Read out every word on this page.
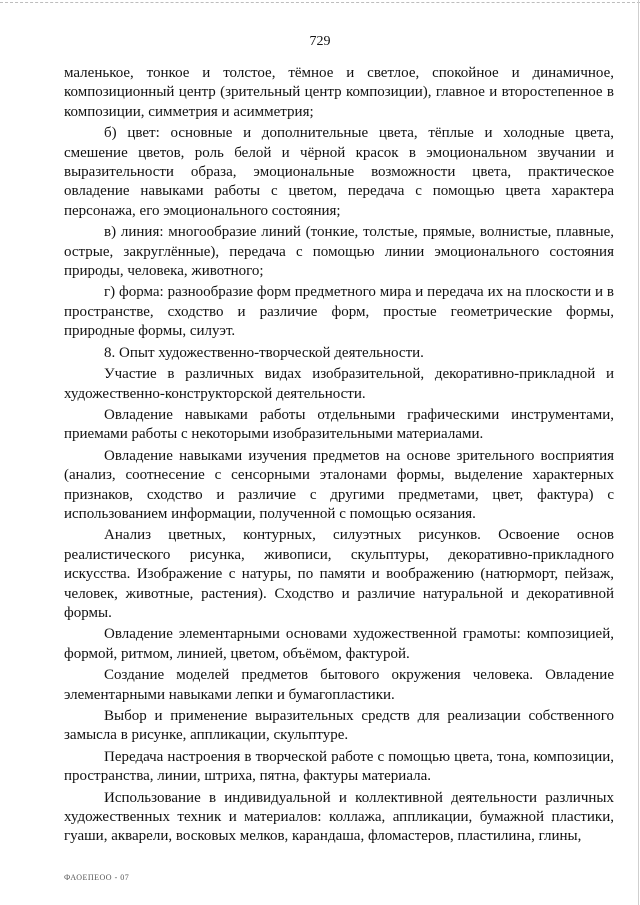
729

маленькое, тонкое и толстое, тёмное и светлое, спокойное и динамичное, композиционный центр (зрительный центр композиции), главное и второстепенное в композиции, симметрия и асимметрия;

б) цвет: основные и дополнительные цвета, тёплые и холодные цвета, смешение цветов, роль белой и чёрной красок в эмоциональном звучании и выразительности образа, эмоциональные возможности цвета, практическое овладение навыками работы с цветом, передача с помощью цвета характера персонажа, его эмоционального состояния;

в) линия: многообразие линий (тонкие, толстые, прямые, волнистые, плавные, острые, закруглённые), передача с помощью линии эмоционального состояния природы, человека, животного;

г) форма: разнообразие форм предметного мира и передача их на плоскости и в пространстве, сходство и различие форм, простые геометрические формы, природные формы, силуэт.

8. Опыт художественно-творческой деятельности.

Участие в различных видах изобразительной, декоративно-прикладной и художественно-конструкторской деятельности.

Овладение навыками работы отдельными графическими инструментами, приемами работы с некоторыми изобразительными материалами.

Овладение навыками изучения предметов на основе зрительного восприятия (анализ, соотнесение с сенсорными эталонами формы, выделение характерных признаков, сходство и различие с другими предметами, цвет, фактура) с использованием информации, полученной с помощью осязания.

Анализ цветных, контурных, силуэтных рисунков. Освоение основ реалистического рисунка, живописи, скульптуры, декоративно-прикладного искусства. Изображение с натуры, по памяти и воображению (натюрморт, пейзаж, человек, животные, растения). Сходство и различие натуральной и декоративной формы.

Овладение элементарными основами художественной грамоты: композицией, формой, ритмом, линией, цветом, объёмом, фактурой.

Создание моделей предметов бытового окружения человека. Овладение элементарными навыками лепки и бумагопластики.

Выбор и применение выразительных средств для реализации собственного замысла в рисунке, аппликации, скульптуре.

Передача настроения в творческой работе с помощью цвета, тона, композиции, пространства, линии, штриха, пятна, фактуры материала.

Использование в индивидуальной и коллективной деятельности различных художественных техник и материалов: коллажа, аппликации, бумажной пластики, гуаши, акварели, восковых мелков, карандаша, фломастеров, пластилина, глины,

ФАОЕПЕОО - 07
